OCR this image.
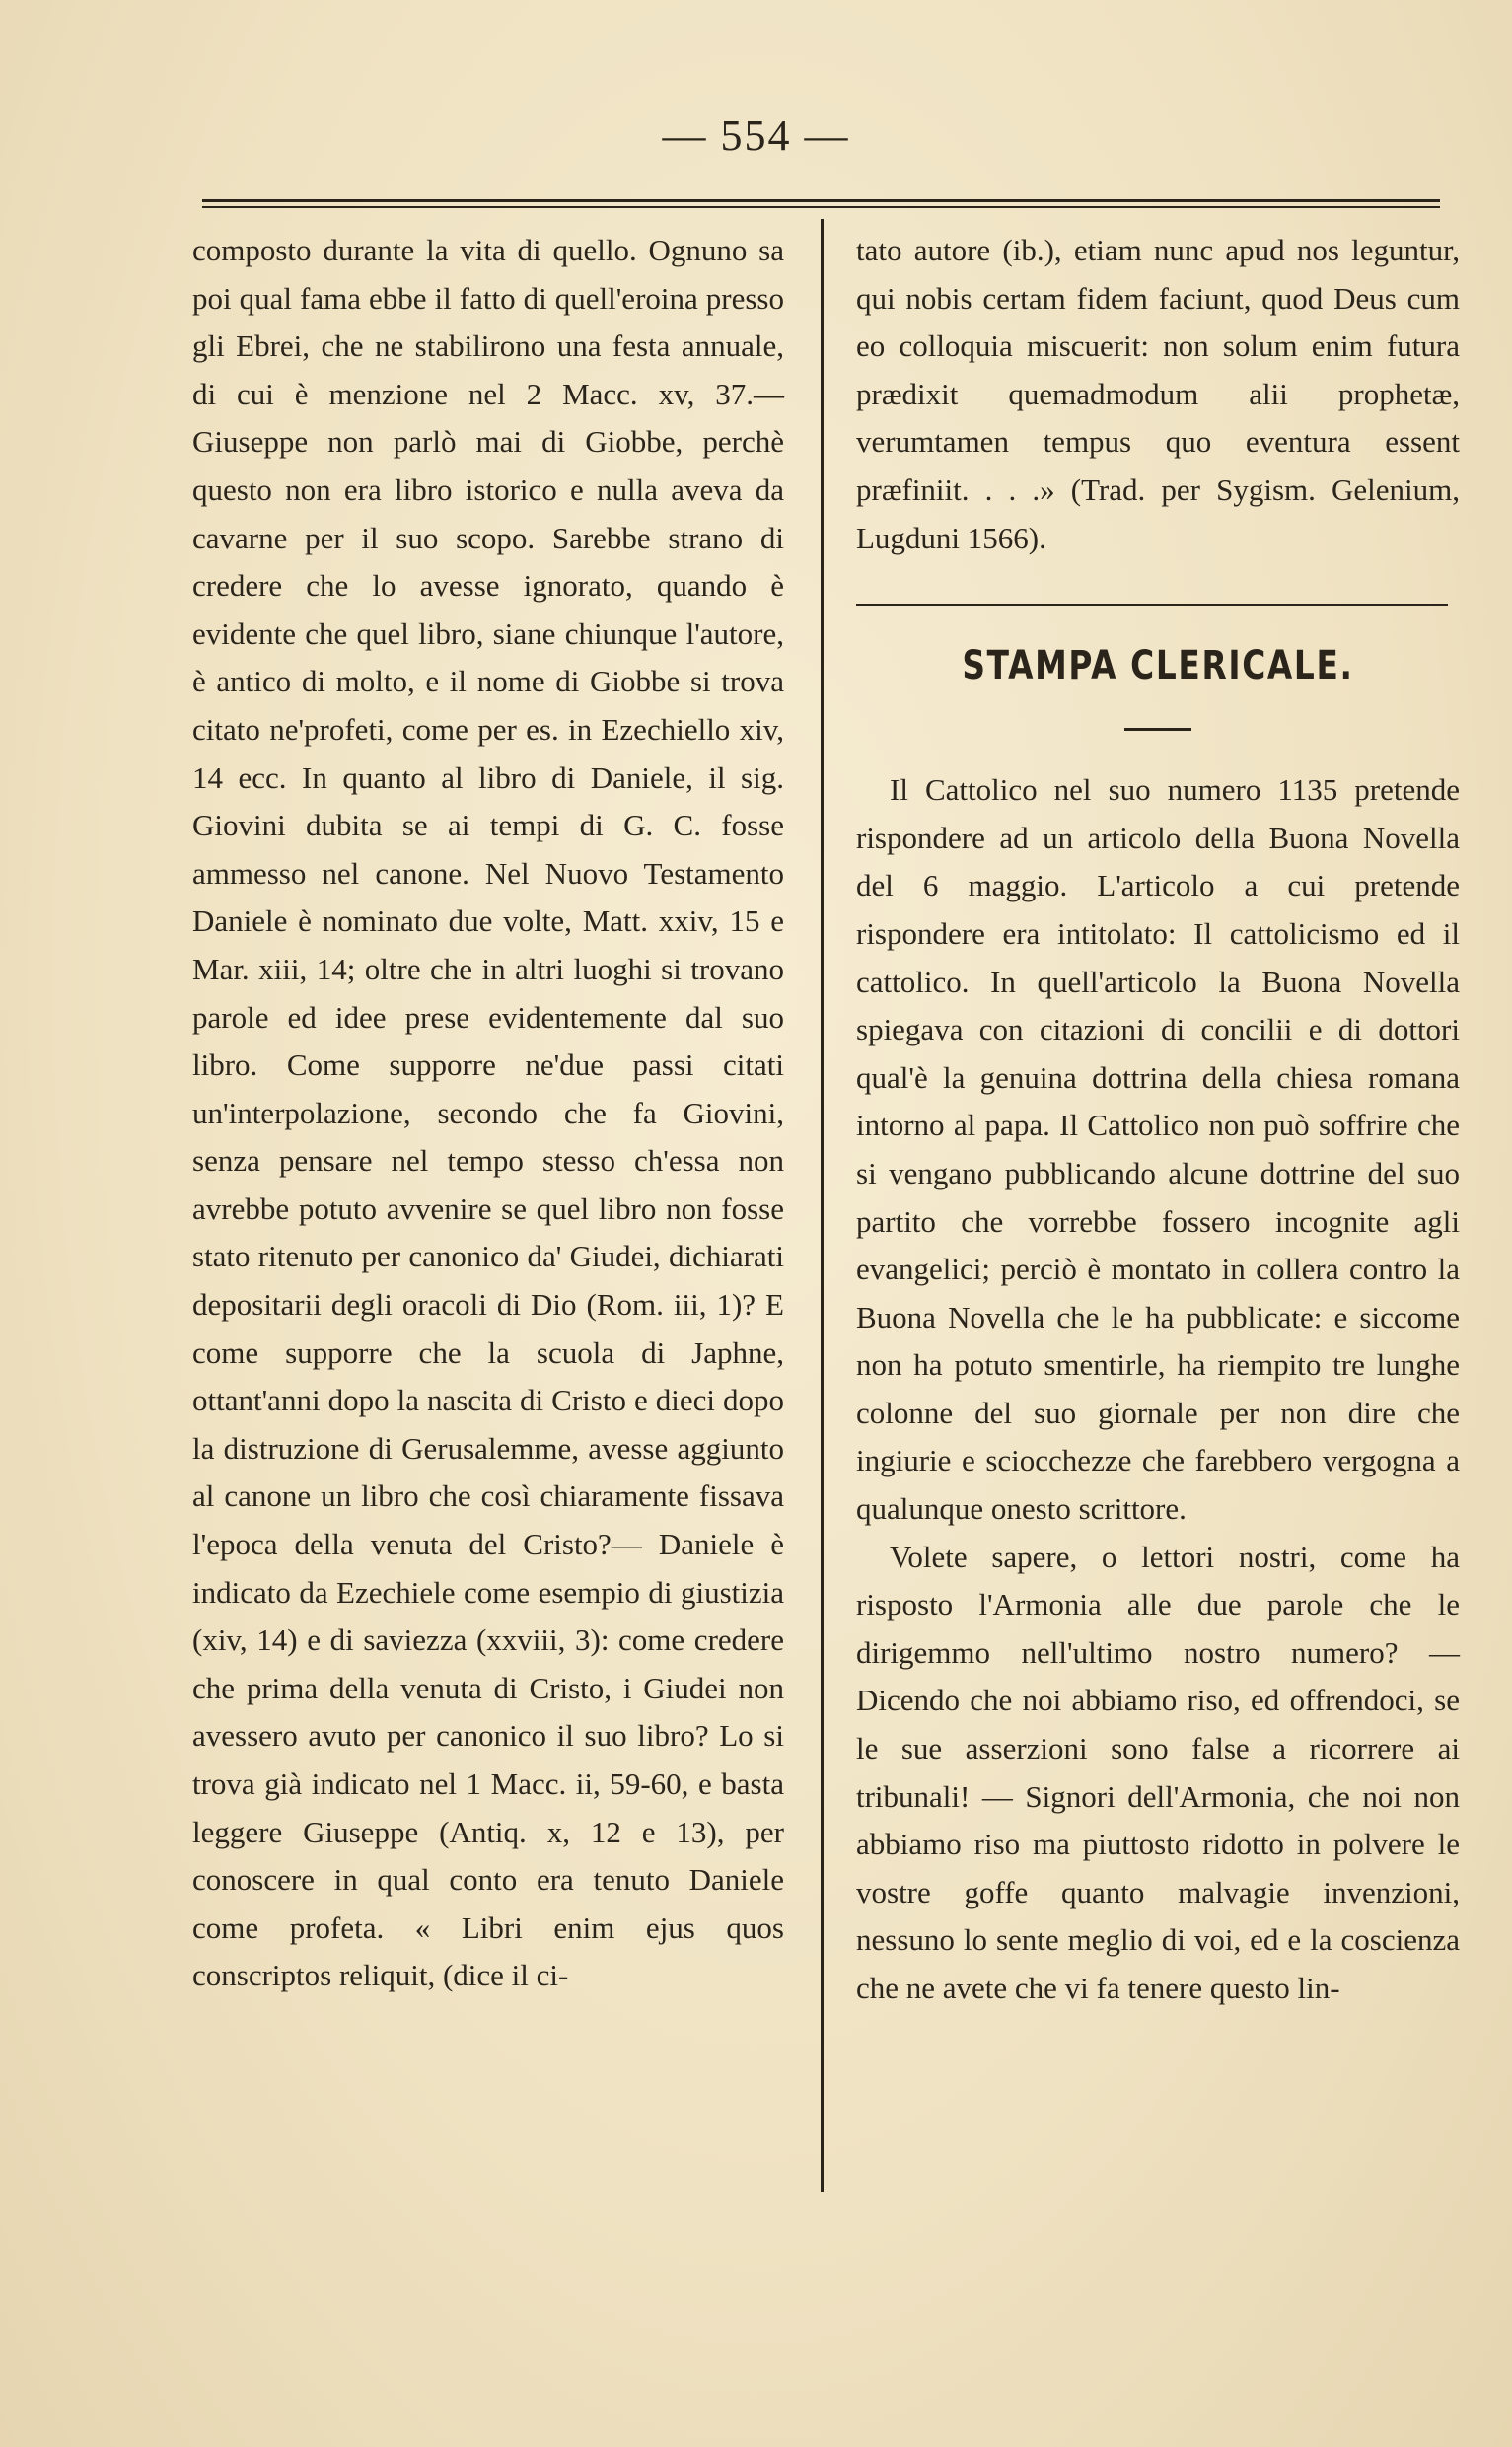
— 554 —

composto durante la vita di quello. Ognuno sa poi qual fama ebbe il fatto di quell'eroina presso gli Ebrei, che ne stabilirono una festa annuale, di cui è menzione nel 2 Macc. xv, 37.—Giuseppe non parlò mai di Giobbe, perchè questo non era libro istorico e nulla aveva da cavarne per il suo scopo. Sarebbe strano di credere che lo avesse ignorato, quando è evidente che quel libro, siane chiunque l'autore, è antico di molto, e il nome di Giobbe si trova citato ne'profeti, come per es. in Ezechiello xiv, 14 ecc. In quanto al libro di Daniele, il sig. Giovini dubita se ai tempi di G. C. fosse ammesso nel canone. Nel Nuovo Testamento Daniele è nominato due volte, Matt. xxiv, 15 e Mar. xiii, 14; oltre che in altri luoghi si trovano parole ed idee prese evidentemente dal suo libro. Come supporre ne'due passi citati un'interpolazione, secondo che fa Giovini, senza pensare nel tempo stesso ch'essa non avrebbe potuto avvenire se quel libro non fosse stato ritenuto per canonico da' Giudei, dichiarati depositarii degli oracoli di Dio (Rom. iii, 1)? E come supporre che la scuola di Japhne, ottant'anni dopo la nascita di Cristo e dieci dopo la distruzione di Gerusalemme, avesse aggiunto al canone un libro che così chiaramente fissava l'epoca della venuta del Cristo?— Daniele è indicato da Ezechiele come esempio di giustizia (xiv, 14) e di saviezza (xxviii, 3): come credere che prima della venuta di Cristo, i Giudei non avessero avuto per canonico il suo libro? Lo si trova già indicato nel 1 Macc. ii, 59-60, e basta leggere Giuseppe (Antiq. x, 12 e 13), per conoscere in qual conto era tenuto Daniele come profeta. « Libri enim ejus quos conscriptos reliquit, (dice il ci-

tato autore (ib.), etiam nunc apud nos leguntur, qui nobis certam fidem faciunt, quod Deus cum eo colloquia miscuerit: non solum enim futura prædixit quemadmodum alii prophetæ, verumtamen tempus quo eventura essent præfiniit. . . .» (Trad. per Sygism. Gelenium, Lugduni 1566).

STAMPA CLERICALE.

Il Cattolico nel suo numero 1135 pretende rispondere ad un articolo della Buona Novella del 6 maggio. L'articolo a cui pretende rispondere era intitolato: Il cattolicismo ed il cattolico. In quell'articolo la Buona Novella spiegava con citazioni di concilii e di dottori qual'è la genuina dottrina della chiesa romana intorno al papa. Il Cattolico non può soffrire che si vengano pubblicando alcune dottrine del suo partito che vorrebbe fossero incognite agli evangelici; perciò è montato in collera contro la Buona Novella che le ha pubblicate: e siccome non ha potuto smentirle, ha riempito tre lunghe colonne del suo giornale per non dire che ingiurie e sciocchezze che farebbero vergogna a qualunque onesto scrittore.

Volete sapere, o lettori nostri, come ha risposto l'Armonia alle due parole che le dirigemmo nell'ultimo nostro numero? — Dicendo che noi abbiamo riso, ed offrendoci, se le sue asserzioni sono false a ricorrere ai tribunali! — Signori dell'Armonia, che noi non abbiamo riso ma piuttosto ridotto in polvere le vostre goffe quanto malvagie invenzioni, nessuno lo sente meglio di voi, ed e la coscienza che ne avete che vi fa tenere questo lin-
